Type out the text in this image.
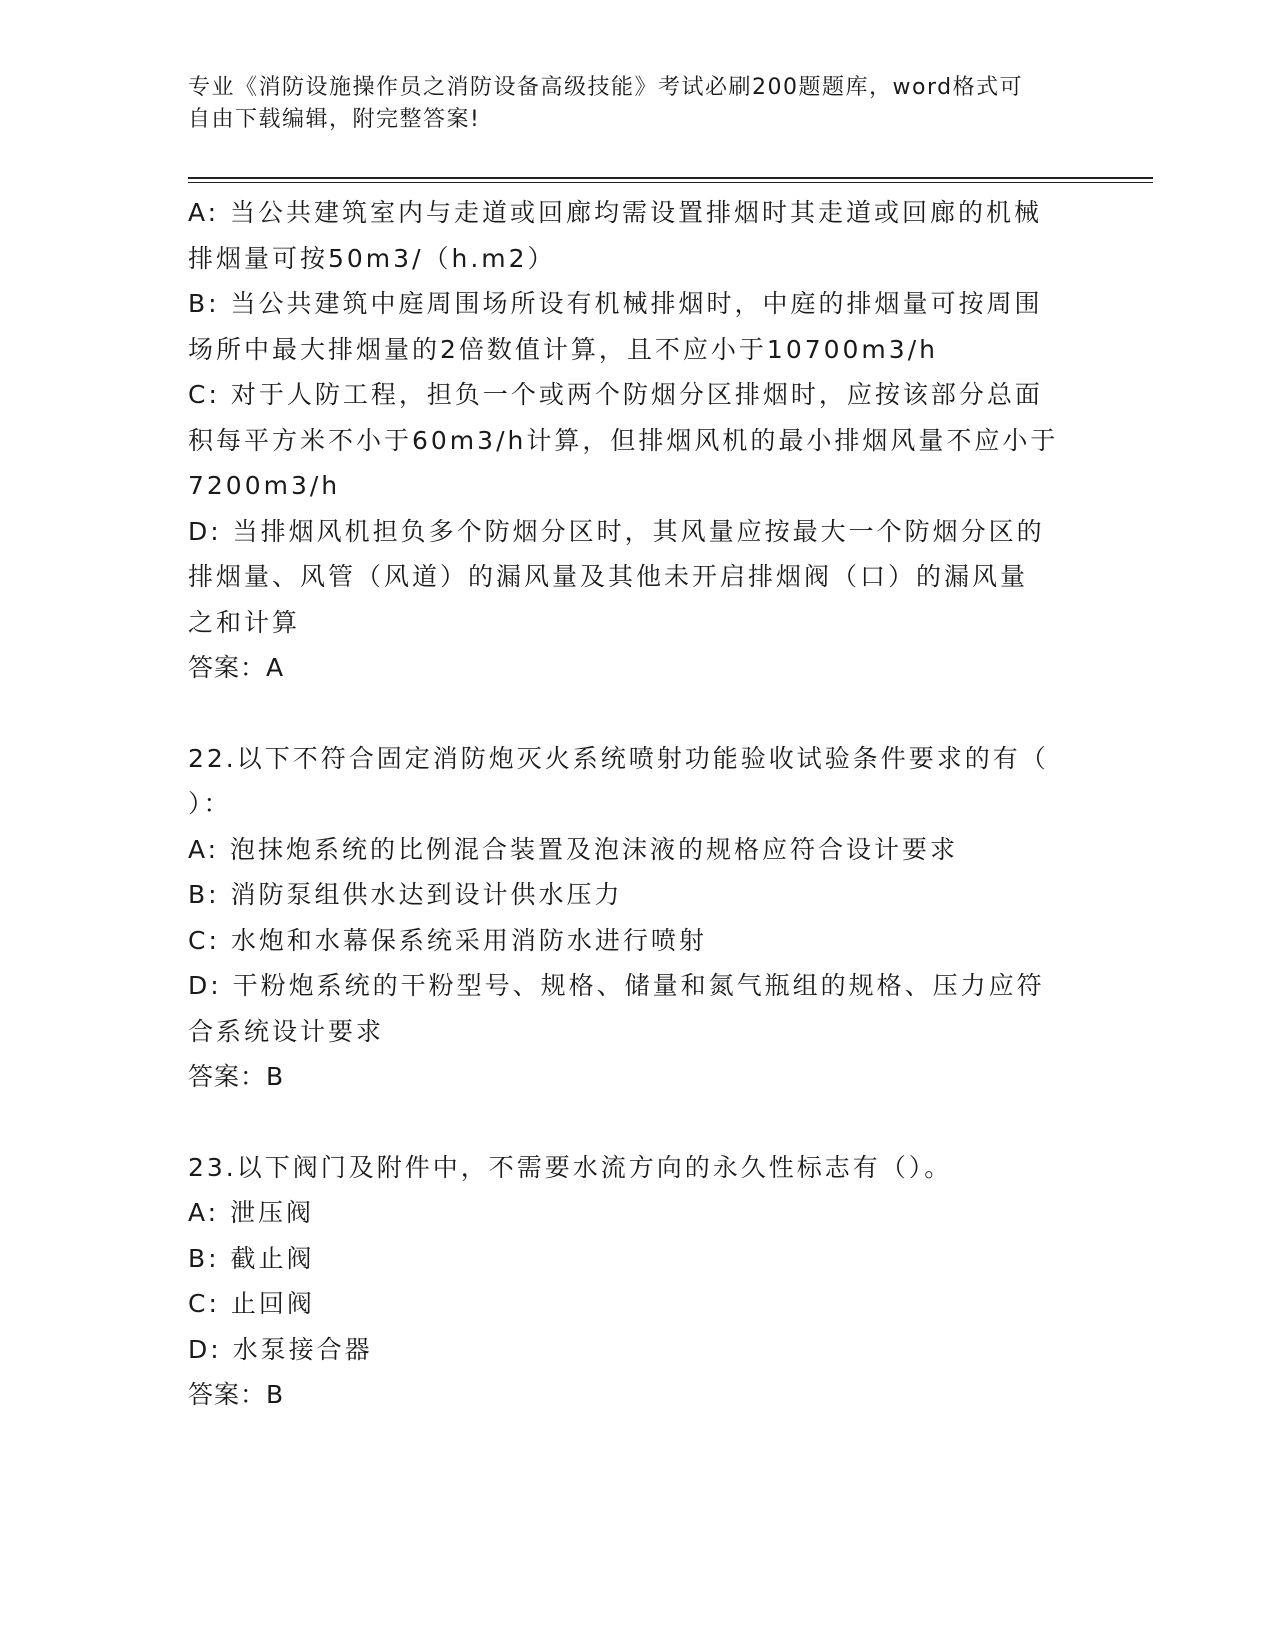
专业《消防设施操作员之消防设备高级技能》考试必刷200题题库，word格式可
自由下载编辑，附完整答案!
A: 当公共建筑室内与走道或回廊均需设置排烟时其走道或回廊的机械
排烟量可按50m3/（h.m2）
B: 当公共建筑中庭周围场所设有机械排烟时，中庭的排烟量可按周围
场所中最大排烟量的2倍数值计算，且不应小于10700m3/h
C: 对于人防工程，担负一个或两个防烟分区排烟时，应按该部分总面
积每平方米不小于60m3/h计算，但排烟风机的最小排烟风量不应小于
7200m3/h
D: 当排烟风机担负多个防烟分区时，其风量应按最大一个防烟分区的
排烟量、风管（风道）的漏风量及其他未开启排烟阀（口）的漏风量
之和计算
答案：A
22.以下不符合固定消防炮灭火系统喷射功能验收试验条件要求的有（
）：
A: 泡抹炮系统的比例混合装置及泡沫液的规格应符合设计要求
B: 消防泵组供水达到设计供水压力
C: 水炮和水幕保系统采用消防水进行喷射
D: 干粉炮系统的干粉型号、规格、储量和氮气瓶组的规格、压力应符
合系统设计要求
答案：B
23.以下阀门及附件中，不需要水流方向的永久性标志有（）。
A: 泄压阀
B: 截止阀
C: 止回阀
D: 水泵接合器
答案：B
